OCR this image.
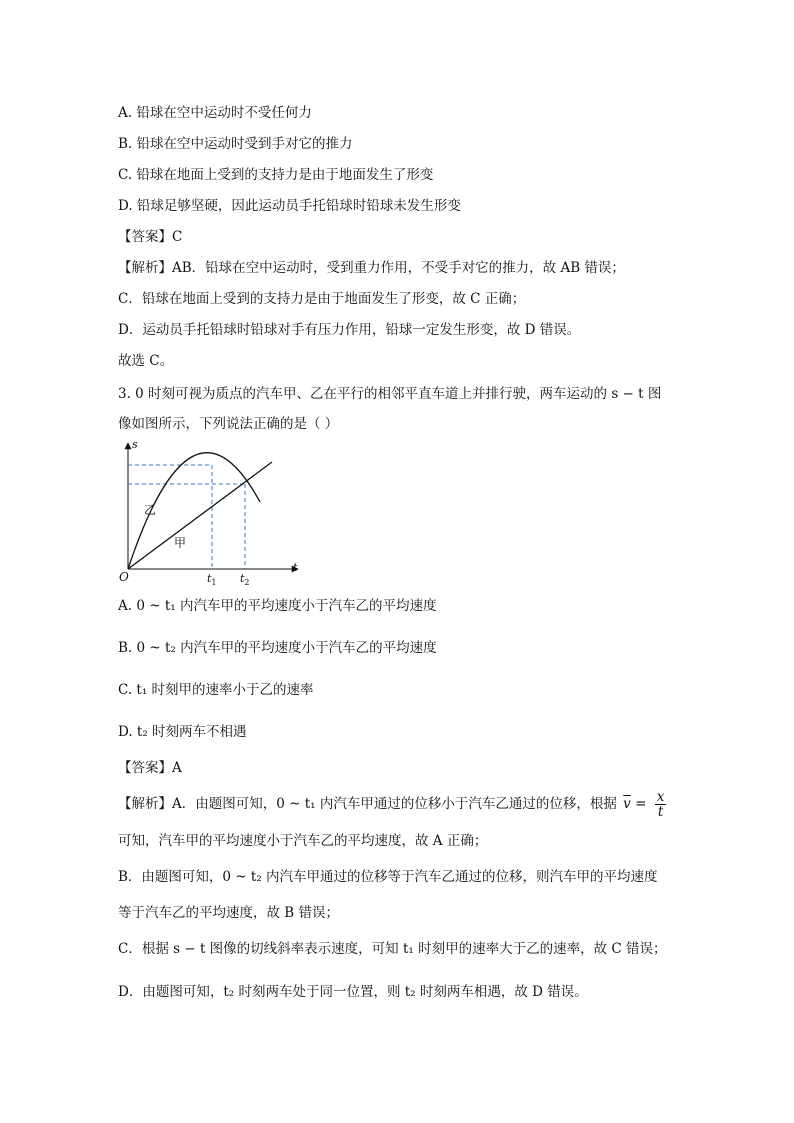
A. 铅球在空中运动时不受任何力
B. 铅球在空中运动时受到手对它的推力
C. 铅球在地面上受到的支持力是由于地面发生了形变
D. 铅球足够坚硬，因此运动员手托铅球时铅球未发生形变
【答案】C
【解析】AB．铅球在空中运动时，受到重力作用，不受手对它的推力，故 AB 错误；
C．铅球在地面上受到的支持力是由于地面发生了形变，故 C 正确；
D．运动员手托铅球时铅球对手有压力作用，铅球一定发生形变，故 D 错误。
故选 C。
3. 0 时刻可视为质点的汽车甲、乙在平行的相邻平直车道上并排行驶，两车运动的 s − t 图
像如图所示，下列说法正确的是（ ）
s
t
O
乙
甲
$t_1$ $t_2$
A. 0 ~ t₁ 内汽车甲的平均速度小于汽车乙的平均速度
B. 0 ~ t₂ 内汽车甲的平均速度小于汽车乙的平均速度
C. t₁ 时刻甲的速率小于乙的速率
D. t₂ 时刻两车不相遇
【答案】A
【解析】A．由题图可知，0 ~ t₁ 内汽车甲通过的位移小于汽车乙通过的位移，根据 $\overline{v} = \frac{x}{t}$
可知，汽车甲的平均速度小于汽车乙的平均速度，故 A 正确；
B．由题图可知，0 ~ t₂ 内汽车甲通过的位移等于汽车乙通过的位移，则汽车甲的平均速度
等于汽车乙的平均速度，故 B 错误；
C．根据 s − t 图像的切线斜率表示速度，可知 t₁ 时刻甲的速率大于乙的速率，故 C 错误；
D．由题图可知，t₂ 时刻两车处于同一位置，则 t₂ 时刻两车相遇，故 D 错误。
